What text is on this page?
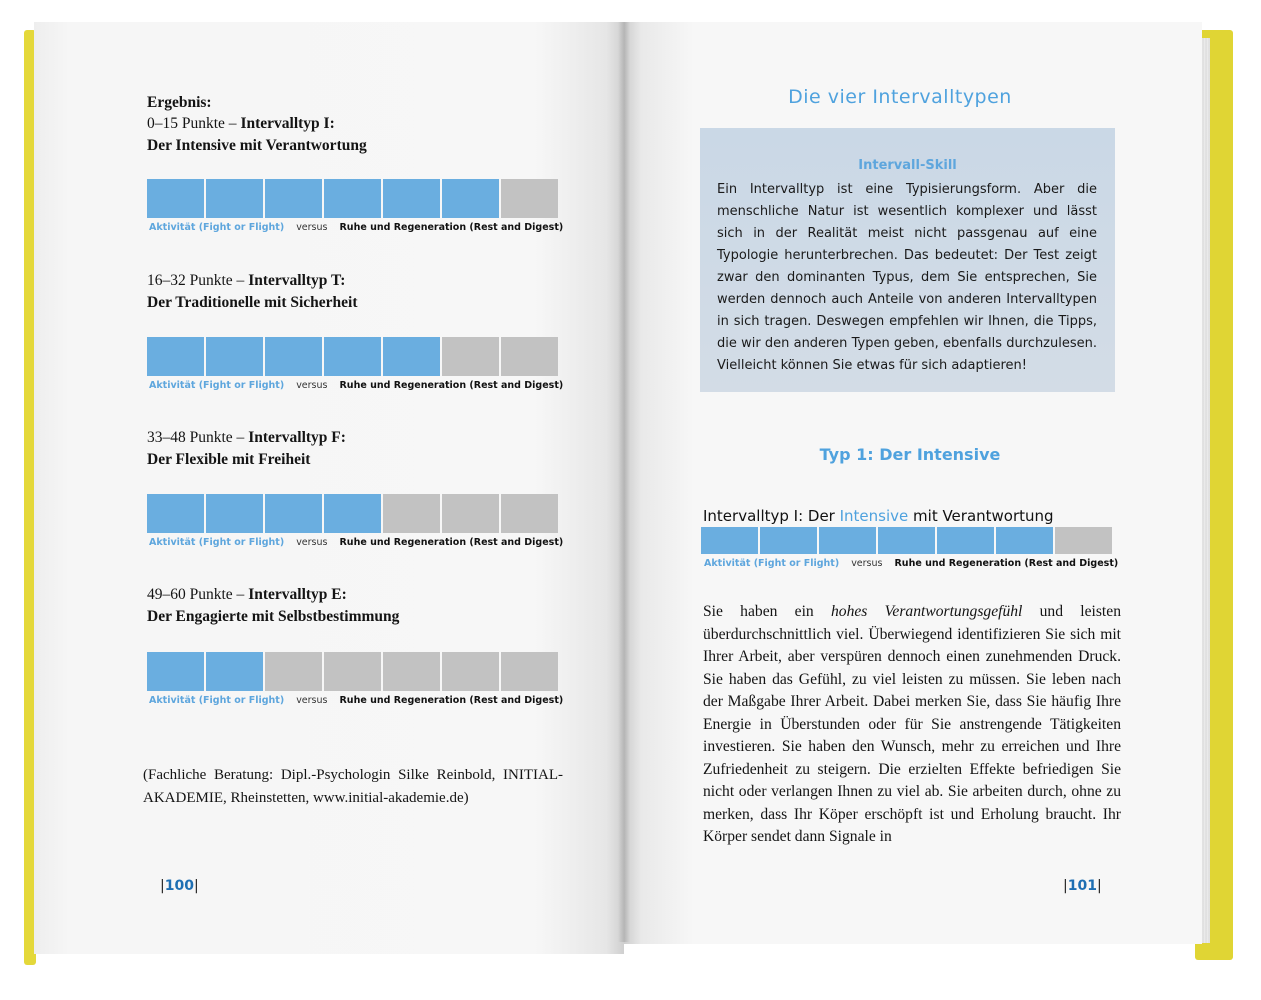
Ergebnis:
0–15 Punkte – Intervalltyp I:
Der Intensive mit Verantwortung
Aktivität (Fight or Flight) versus Ruhe und Regeneration (Rest and Digest)
16–32 Punkte – Intervalltyp T:
Der Traditionelle mit Sicherheit
Aktivität (Fight or Flight) versus Ruhe und Regeneration (Rest and Digest)
33–48 Punkte – Intervalltyp F:
Der Flexible mit Freiheit
Aktivität (Fight or Flight) versus Ruhe und Regeneration (Rest and Digest)
49–60 Punkte – Intervalltyp E:
Der Engagierte mit Selbstbestimmung
Aktivität (Fight or Flight) versus Ruhe und Regeneration (Rest and Digest)
(Fachliche Beratung: Dipl.-Psychologin Silke Reinbold, INITIAL-AKADEMIE, Rheinstetten, www.initial-akademie.de)
|100|
Die vier Intervalltypen
Intervall-Skill
Ein Intervalltyp ist eine Typisierungsform. Aber die menschliche Natur ist wesentlich komplexer und lässt sich in der Realität meist nicht passgenau auf eine Typologie herunterbrechen. Das bedeutet: Der Test zeigt zwar den dominanten Typus, dem Sie entsprechen, Sie werden dennoch auch Anteile von anderen Intervalltypen in sich tragen. Deswegen empfehlen wir Ihnen, die Tipps, die wir den anderen Typen geben, ebenfalls durchzulesen. Vielleicht können Sie etwas für sich adaptieren!
Typ 1: Der Intensive
Intervalltyp I: Der Intensive mit Verantwortung
Aktivität (Fight or Flight) versus Ruhe und Regeneration (Rest and Digest)
Sie haben ein hohes Verantwortungsgefühl und leisten überdurchschnittlich viel. Überwiegend identifizieren Sie sich mit Ihrer Arbeit, aber verspüren dennoch einen zunehmenden Druck. Sie haben das Gefühl, zu viel leisten zu müssen. Sie leben nach der Maßgabe Ihrer Arbeit. Dabei merken Sie, dass Sie häufig Ihre Energie in Überstunden oder für Sie anstrengende Tätigkeiten investieren. Sie haben den Wunsch, mehr zu erreichen und Ihre Zufriedenheit zu steigern. Die erzielten Effekte befriedigen Sie nicht oder verlangen Ihnen zu viel ab. Sie arbeiten durch, ohne zu merken, dass Ihr Köper erschöpft ist und Erholung braucht. Ihr Körper sendet dann Signale in
|101|
